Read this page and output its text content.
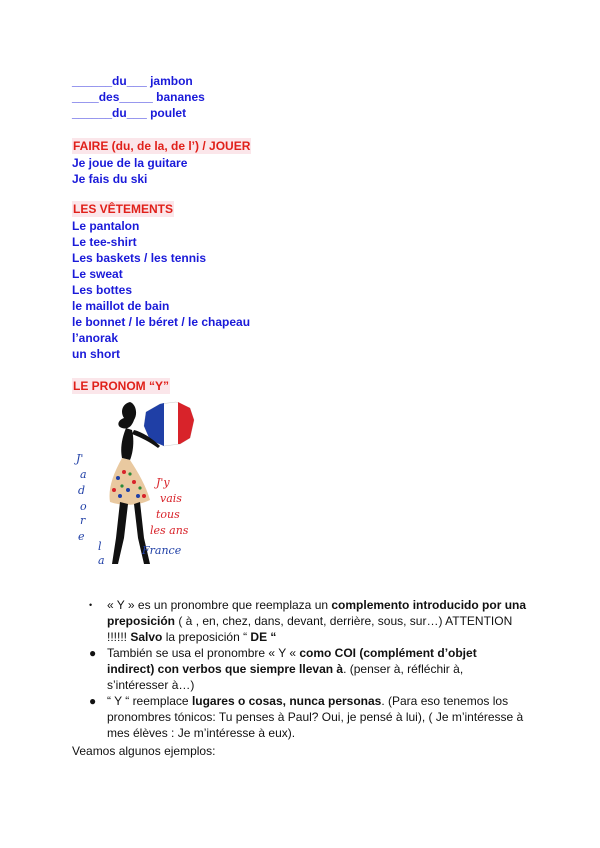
______du___ jambon
____des_____ bananes
______du___ poulet
FAIRE (du, de la, de l’) / JOUER
Je joue de la guitare
Je fais du ski
LES VÊTEMENTS
Le pantalon
Le tee-shirt
Les baskets / les tennis
Le sweat
Les bottes
le maillot de bain
le bonnet / le béret / le chapeau
l’anorak
un short
LE PRONOM “Y”
J'
a
d
o
r
e
l
a
J'y
vais
tous
les ans
France
J'adore la
• « Y » es un pronombre que reemplaza un complemento introducido por una preposición ( à , en, chez, dans, devant, derrière, sous, sur…) ATTENTION !!!!!! Salvo la preposición “ DE “
● También se usa el pronombre « Y « como COI (complément d’objet indirect) con verbos que siempre llevan à. (penser à, réfléchir à, s’intéresser à…)
● “ Y “ reemplace lugares o cosas, nunca personas. (Para eso tenemos los pronombres tónicos: Tu penses à Paul? Oui, je pensé à lui), ( Je m’intéresse à mes élèves : Je m’intéresse à eux).
Veamos algunos ejemplos:
